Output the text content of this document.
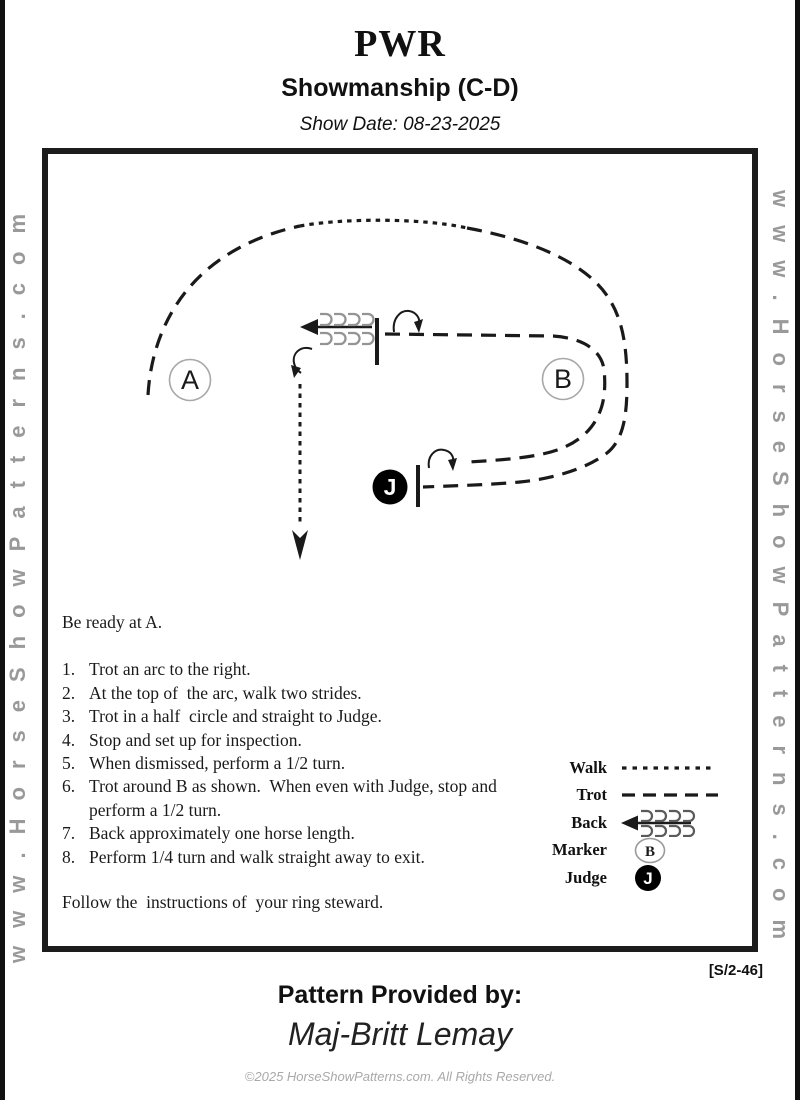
PWR
Showmanship (C-D)
Show Date: 08-23-2025
www.HorseShowPatterns.com	www.HorseShowPatterns.com
A	B
J
Be ready at A.
1. Trot an arc to the right.
2. At the top of  the arc, walk two strides.
3. Trot in a half  circle and straight to Judge.
4. Stop and set up for inspection.
5. When dismissed, perform a 1/2 turn.
6. Trot around B as shown.  When even with Judge, stop and perform a 1/2 turn.
7. Back approximately one horse length.
8. Perform 1/4 turn and walk straight away to exit.
Follow the  instructions of  your ring steward.
Walk
Trot
Back
Marker	B
Judge J
[S/2-46]
Pattern Provided by:
Maj-Britt Lemay
©2025 HorseShowPatterns.com. All Rights Reserved.
